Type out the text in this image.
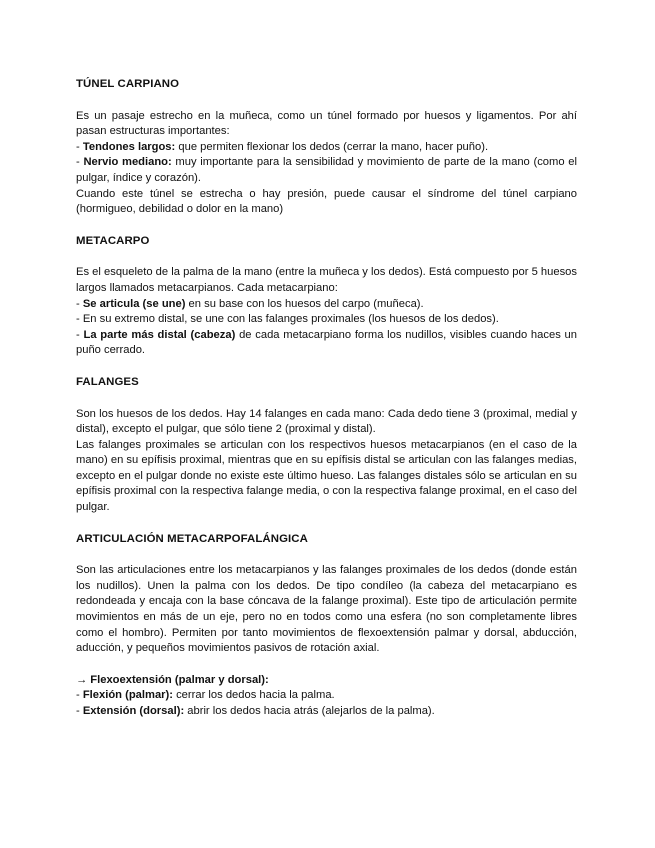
TÚNEL CARPIANO

Es un pasaje estrecho en la muñeca, como un túnel formado por huesos y ligamentos. Por ahí pasan estructuras importantes:
- Tendones largos: que permiten flexionar los dedos (cerrar la mano, hacer puño).
- Nervio mediano: muy importante para la sensibilidad y movimiento de parte de la mano (como el pulgar, índice y corazón).
Cuando este túnel se estrecha o hay presión, puede causar el síndrome del túnel carpiano (hormigueo, debilidad o dolor en la mano)

METACARPO

Es el esqueleto de la palma de la mano (entre la muñeca y los dedos). Está compuesto por 5 huesos largos llamados metacarpianos. Cada metacarpiano:
- Se articula (se une) en su base con los huesos del carpo (muñeca).
- En su extremo distal, se une con las falanges proximales (los huesos de los dedos).
- La parte más distal (cabeza) de cada metacarpiano forma los nudillos, visibles cuando haces un puño cerrado.

FALANGES

Son los huesos de los dedos. Hay 14 falanges en cada mano: Cada dedo tiene 3 (proximal, medial y distal), excepto el pulgar, que sólo tiene 2 (proximal y distal).
Las falanges proximales se articulan con los respectivos huesos metacarpianos (en el caso de la mano) en su epífisis proximal, mientras que en su epífisis distal se articulan con las falanges medias, excepto en el pulgar donde no existe este último hueso. Las falanges distales sólo se articulan en su epífisis proximal con la respectiva falange media, o con la respectiva falange proximal, en el caso del pulgar.

ARTICULACIÓN METACARPOFALÁNGICA

Son las articulaciones entre los metacarpianos y las falanges proximales de los dedos (donde están los nudillos). Unen la palma con los dedos. De tipo condíleo (la cabeza del metacarpiano es redondeada y encaja con la base cóncava de la falange proximal). Este tipo de articulación permite movimientos en más de un eje, pero no en todos como una esfera (no son completamente libres como el hombro). Permiten por tanto movimientos de flexoextensión palmar y dorsal, abducción, aducción, y pequeños movimientos pasivos de rotación axial.
→ Flexoextensión (palmar y dorsal):
- Flexión (palmar): cerrar los dedos hacia la palma.
- Extensión (dorsal): abrir los dedos hacia atrás (alejarlos de la palma).
